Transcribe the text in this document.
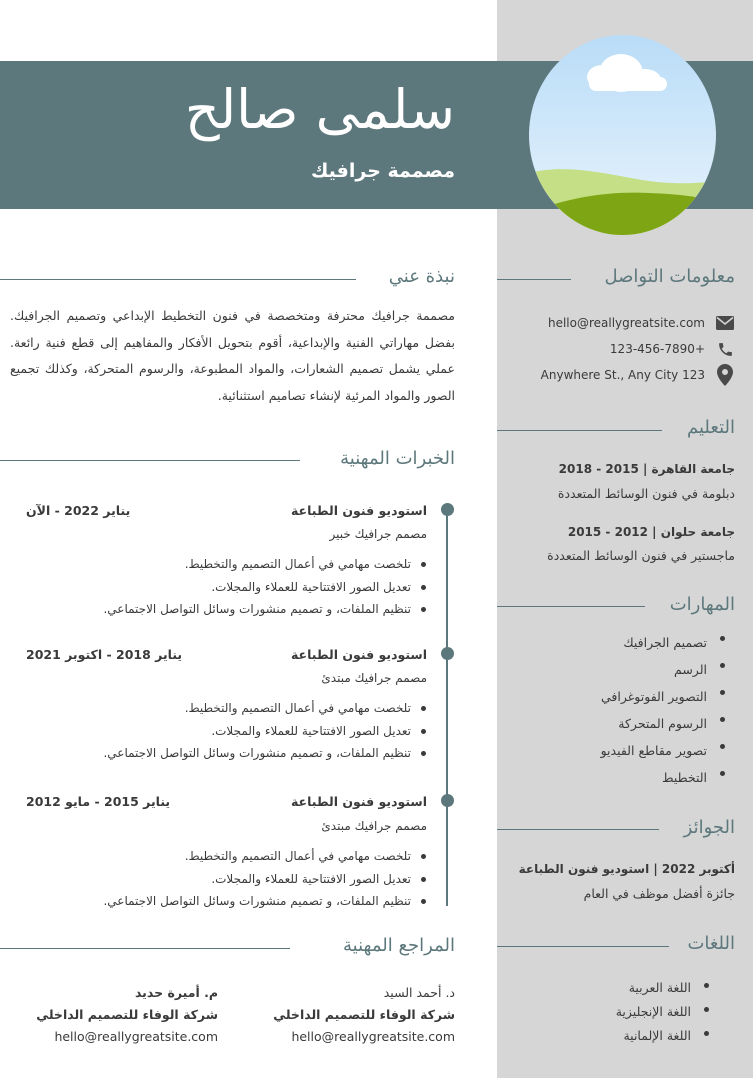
سلمى صالح
مصممة جرافيك
نبذة عني

مصممة جرافيك محترفة ومتخصصة في فنون التخطيط الإبداعي وتصميم الجرافيك. بفضل مهاراتي الفنية والإبداعية، أقوم بتحويل الأفكار والمفاهيم إلى قطع فنية رائعة. عملي يشمل تصميم الشعارات، والمواد المطبوعة، والرسوم المتحركة، وكذلك تجميع الصور والمواد المرئية لإنشاء تصاميم استثنائية.

الخبرات المهنية
استوديو فنون الطباعة
يناير 2022 - الآن
مصمم جرافيك خبير
تلخصت مهامي في أعمال التصميم والتخطيط.
تعديل الصور الافتتاحية للعملاء والمجلات.
تنظيم الملفات، و تصميم منشورات وسائل التواصل الاجتماعي.
استوديو فنون الطباعة
يناير 2018 - اكتوبر 2021
مصمم جرافيك مبتدئ
تلخصت مهامي في أعمال التصميم والتخطيط.
تعديل الصور الافتتاحية للعملاء والمجلات.
تنظيم الملفات، و تصميم منشورات وسائل التواصل الاجتماعي.
استوديو فنون الطباعة
يناير 2015 - مايو 2012
مصمم جرافيك مبتدئ
تلخصت مهامي في أعمال التصميم والتخطيط.
تعديل الصور الافتتاحية للعملاء والمجلات.
تنظيم الملفات، و تصميم منشورات وسائل التواصل الاجتماعي.
المراجع المهنية
د. أحمد السيد
شركة الوفاء للتصميم الداخلي
hello@reallygreatsite.com
م. أميرة حديد
شركة الوفاء للتصميم الداخلي
hello@reallygreatsite.com
معلومات التواصل
hello@reallygreatsite.com
+123-456-7890
123 Anywhere St., Any City
التعليم
جامعة القاهرة | 2015 - 2018
دبلومة في فنون الوسائط المتعددة
جامعة حلوان | 2012 - 2015
ماجستير في فنون الوسائط المتعددة
المهارات
تصميم الجرافيك
الرسم
التصوير الفوتوغرافي
الرسوم المتحركة
تصوير مقاطع الفيديو
التخطيط
الجوائز
أكتوبر 2022 | استوديو فنون الطباعة
جائزة أفضل موظف في العام
اللغات
اللغة العربية
اللغة الإنجليزية
اللغة الإلمانية
